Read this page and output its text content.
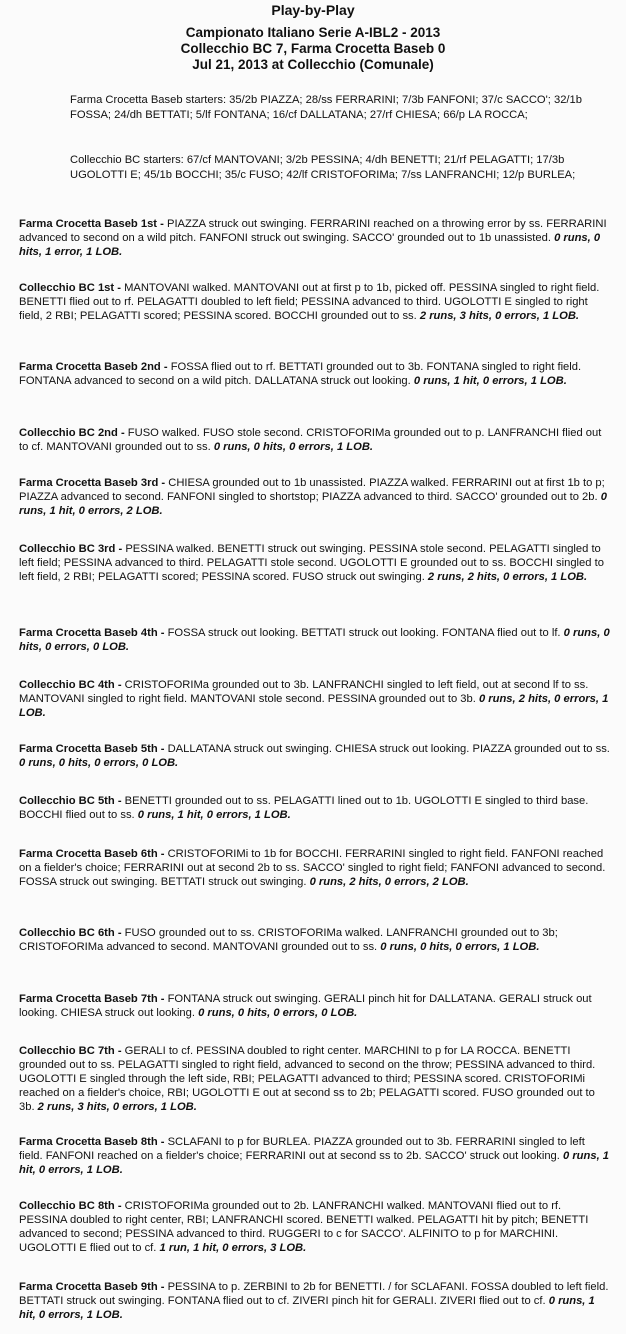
Play-by-Play
Campionato Italiano Serie A-IBL2 - 2013
Collecchio BC 7, Farma Crocetta Baseb 0
Jul 21, 2013 at Collecchio (Comunale)
Farma Crocetta Baseb starters: 35/2b PIAZZA; 28/ss FERRARINI; 7/3b FANFONI; 37/c SACCO'; 32/1b FOSSA; 24/dh BETTATI; 5/lf FONTANA; 16/cf DALLATANA; 27/rf CHIESA; 66/p LA ROCCA;
Collecchio BC starters: 67/cf MANTOVANI; 3/2b PESSINA; 4/dh BENETTI; 21/rf PELAGATTI; 17/3b UGOLOTTI E; 45/1b BOCCHI; 35/c FUSO; 42/lf CRISTOFORIMa; 7/ss LANFRANCHI; 12/p BURLEA;
Farma Crocetta Baseb 1st - PIAZZA struck out swinging. FERRARINI reached on a throwing error by ss. FERRARINI advanced to second on a wild pitch. FANFONI struck out swinging. SACCO' grounded out to 1b unassisted. 0 runs, 0 hits, 1 error, 1 LOB.
Collecchio BC 1st - MANTOVANI walked. MANTOVANI out at first p to 1b, picked off. PESSINA singled to right field. BENETTI flied out to rf. PELAGATTI doubled to left field; PESSINA advanced to third. UGOLOTTI E singled to right field, 2 RBI; PELAGATTI scored; PESSINA scored. BOCCHI grounded out to ss. 2 runs, 3 hits, 0 errors, 1 LOB.
Farma Crocetta Baseb 2nd - FOSSA flied out to rf. BETTATI grounded out to 3b. FONTANA singled to right field. FONTANA advanced to second on a wild pitch. DALLATANA struck out looking. 0 runs, 1 hit, 0 errors, 1 LOB.
Collecchio BC 2nd - FUSO walked. FUSO stole second. CRISTOFORIMa grounded out to p. LANFRANCHI flied out to cf. MANTOVANI grounded out to ss. 0 runs, 0 hits, 0 errors, 1 LOB.
Farma Crocetta Baseb 3rd - CHIESA grounded out to 1b unassisted. PIAZZA walked. FERRARINI out at first 1b to p; PIAZZA advanced to second. FANFONI singled to shortstop; PIAZZA advanced to third. SACCO' grounded out to 2b. 0 runs, 1 hit, 0 errors, 2 LOB.
Collecchio BC 3rd - PESSINA walked. BENETTI struck out swinging. PESSINA stole second. PELAGATTI singled to left field; PESSINA advanced to third. PELAGATTI stole second. UGOLOTTI E grounded out to ss. BOCCHI singled to left field, 2 RBI; PELAGATTI scored; PESSINA scored. FUSO struck out swinging. 2 runs, 2 hits, 0 errors, 1 LOB.
Farma Crocetta Baseb 4th - FOSSA struck out looking. BETTATI struck out looking. FONTANA flied out to lf. 0 runs, 0 hits, 0 errors, 0 LOB.
Collecchio BC 4th - CRISTOFORIMa grounded out to 3b. LANFRANCHI singled to left field, out at second lf to ss. MANTOVANI singled to right field. MANTOVANI stole second. PESSINA grounded out to 3b. 0 runs, 2 hits, 0 errors, 1 LOB.
Farma Crocetta Baseb 5th - DALLATANA struck out swinging. CHIESA struck out looking. PIAZZA grounded out to ss. 0 runs, 0 hits, 0 errors, 0 LOB.
Collecchio BC 5th - BENETTI grounded out to ss. PELAGATTI lined out to 1b. UGOLOTTI E singled to third base. BOCCHI flied out to ss. 0 runs, 1 hit, 0 errors, 1 LOB.
Farma Crocetta Baseb 6th - CRISTOFORIMi to 1b for BOCCHI. FERRARINI singled to right field. FANFONI reached on a fielder's choice; FERRARINI out at second 2b to ss. SACCO' singled to right field; FANFONI advanced to second. FOSSA struck out swinging. BETTATI struck out swinging. 0 runs, 2 hits, 0 errors, 2 LOB.
Collecchio BC 6th - FUSO grounded out to ss. CRISTOFORIMa walked. LANFRANCHI grounded out to 3b; CRISTOFORIMa advanced to second. MANTOVANI grounded out to ss. 0 runs, 0 hits, 0 errors, 1 LOB.
Farma Crocetta Baseb 7th - FONTANA struck out swinging. GERALI pinch hit for DALLATANA. GERALI struck out looking. CHIESA struck out looking. 0 runs, 0 hits, 0 errors, 0 LOB.
Collecchio BC 7th - GERALI to cf. PESSINA doubled to right center. MARCHINI to p for LA ROCCA. BENETTI grounded out to ss. PELAGATTI singled to right field, advanced to second on the throw; PESSINA advanced to third. UGOLOTTI E singled through the left side, RBI; PELAGATTI advanced to third; PESSINA scored. CRISTOFORIMi reached on a fielder's choice, RBI; UGOLOTTI E out at second ss to 2b; PELAGATTI scored. FUSO grounded out to 3b. 2 runs, 3 hits, 0 errors, 1 LOB.
Farma Crocetta Baseb 8th - SCLAFANI to p for BURLEA. PIAZZA grounded out to 3b. FERRARINI singled to left field. FANFONI reached on a fielder's choice; FERRARINI out at second ss to 2b. SACCO' struck out looking. 0 runs, 1 hit, 0 errors, 1 LOB.
Collecchio BC 8th - CRISTOFORIMa grounded out to 2b. LANFRANCHI walked. MANTOVANI flied out to rf. PESSINA doubled to right center, RBI; LANFRANCHI scored. BENETTI walked. PELAGATTI hit by pitch; BENETTI advanced to second; PESSINA advanced to third. RUGGERI to c for SACCO'. ALFINITO to p for MARCHINI. UGOLOTTI E flied out to cf. 1 run, 1 hit, 0 errors, 3 LOB.
Farma Crocetta Baseb 9th - PESSINA to p. ZERBINI to 2b for BENETTI. / for SCLAFANI. FOSSA doubled to left field. BETTATI struck out swinging. FONTANA flied out to cf. ZIVERI pinch hit for GERALI. ZIVERI flied out to cf. 0 runs, 1 hit, 0 errors, 1 LOB.
